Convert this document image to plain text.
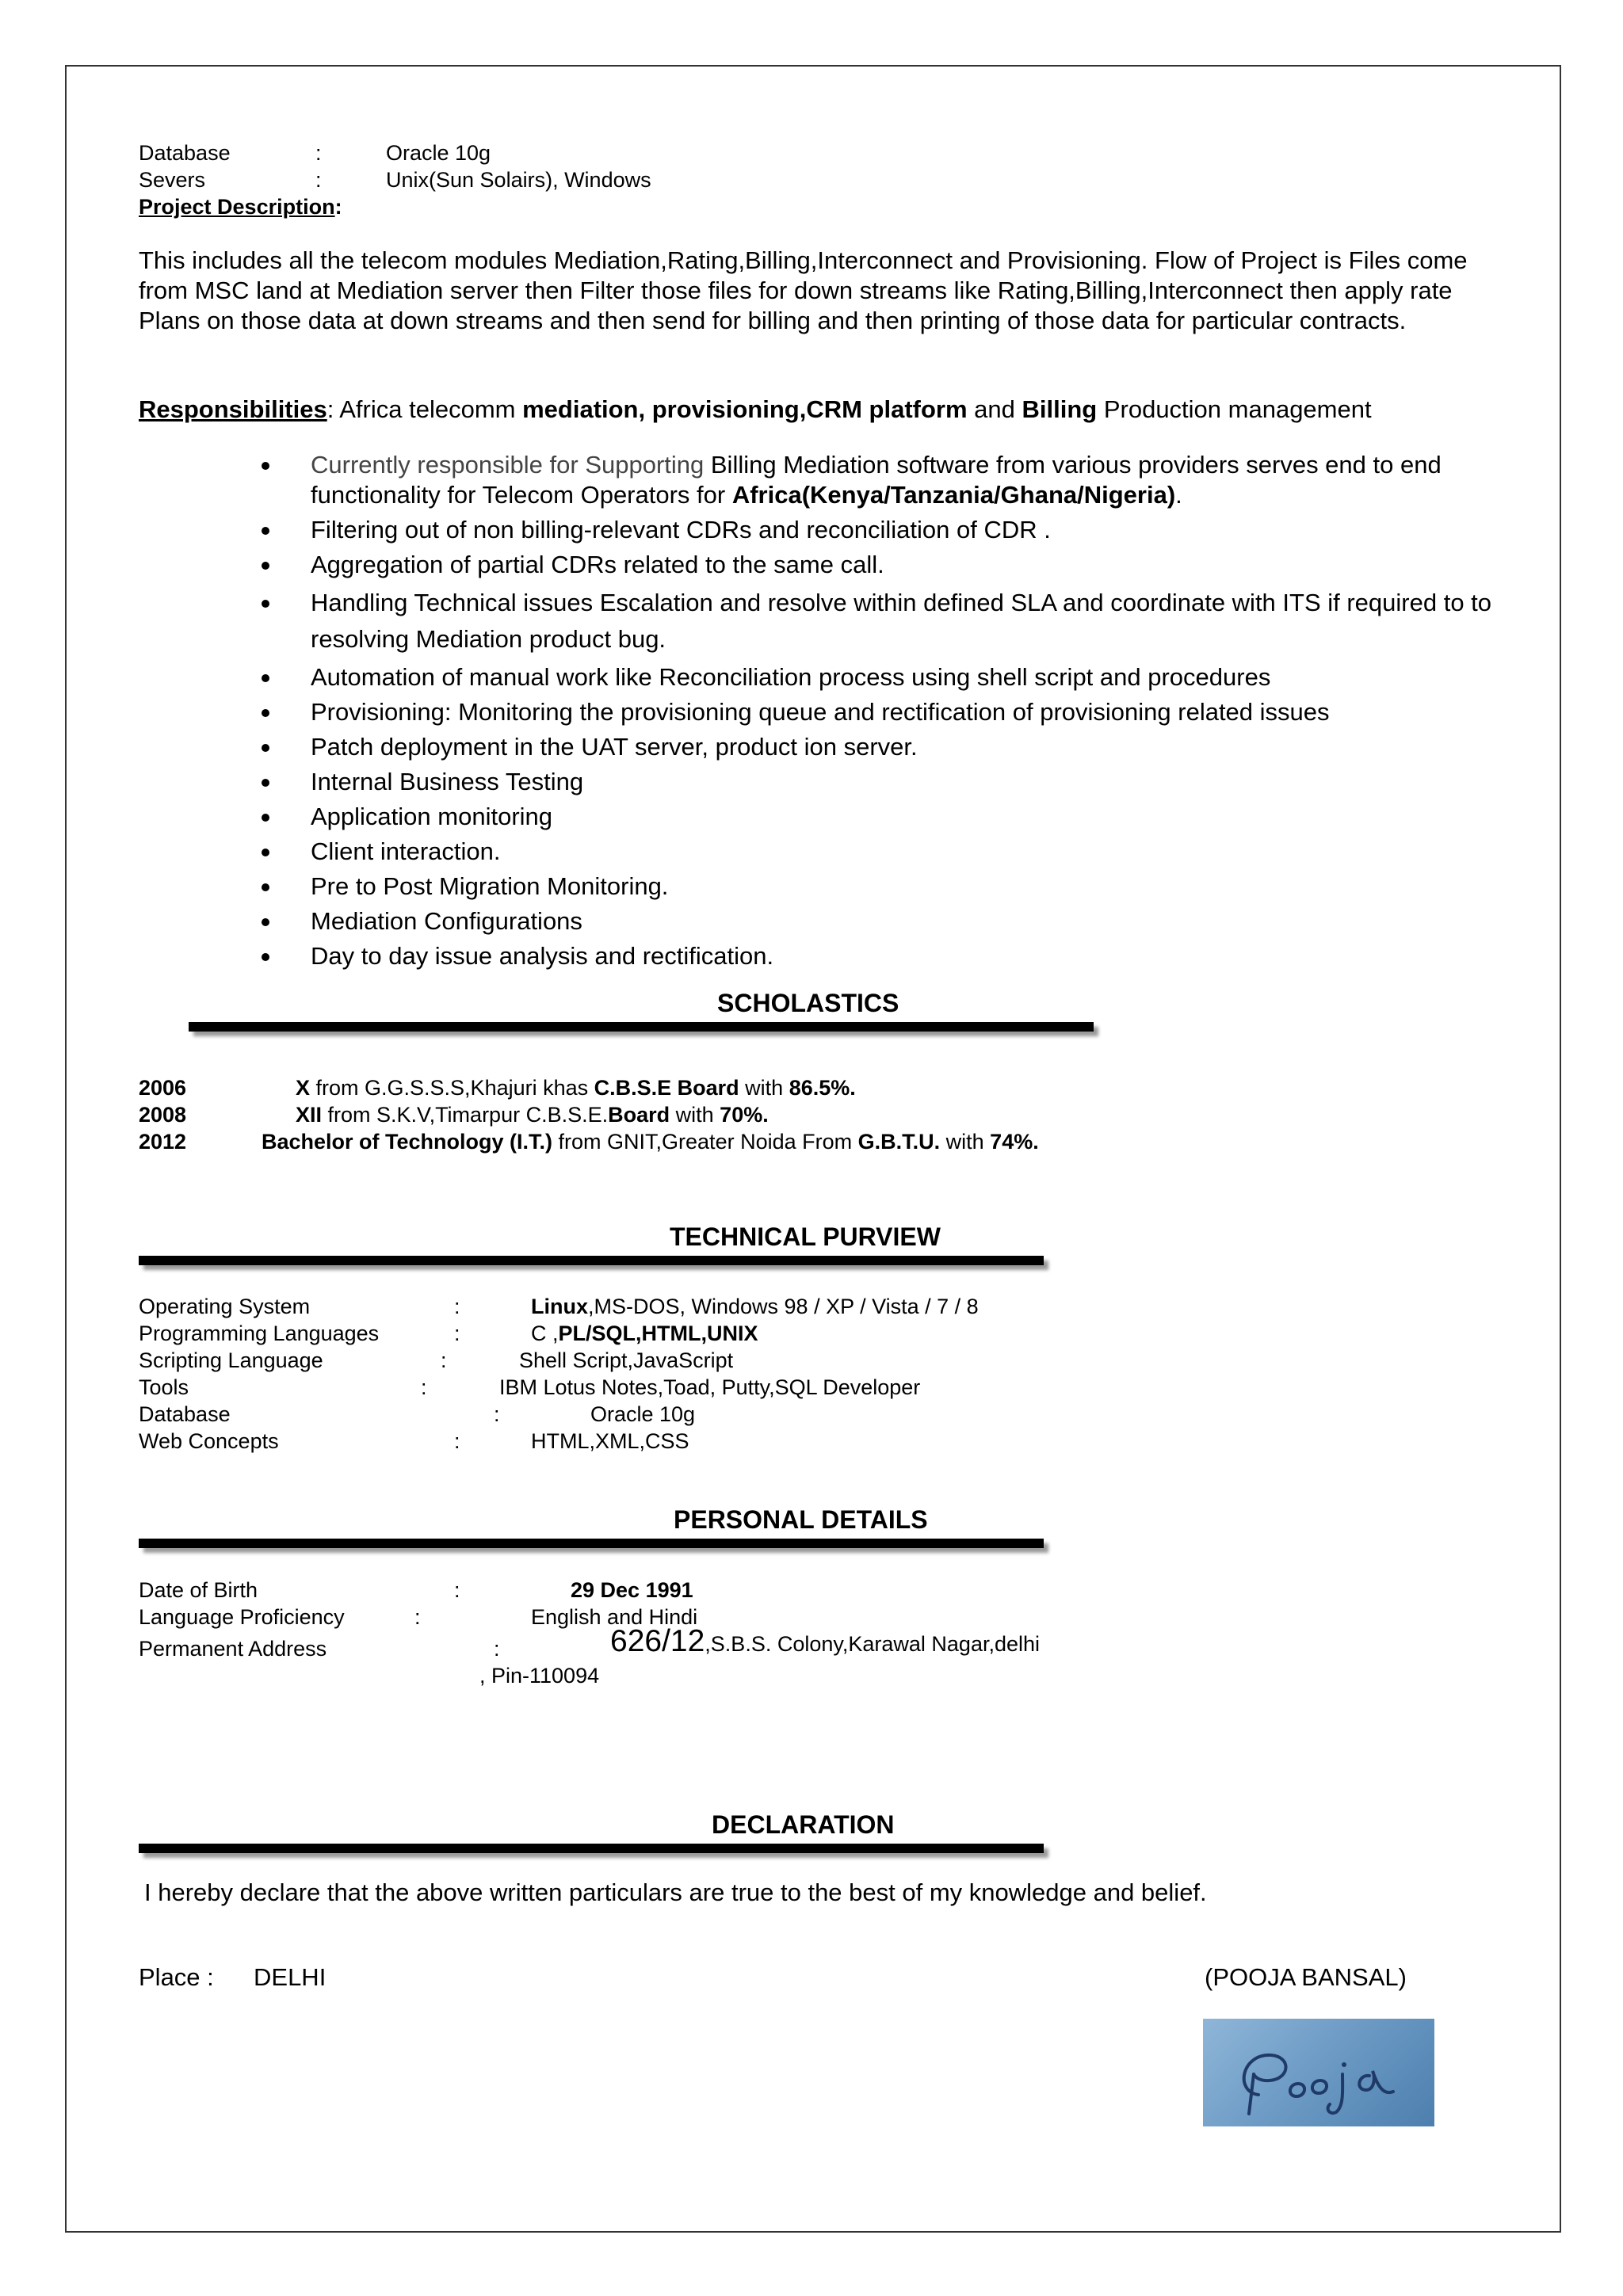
Database	:	Oracle 10g
Severs	:	Unix(Sun Solairs), Windows
Project Description:
This includes all the telecom modules Mediation,Rating,Billing,Interconnect and Provisioning. Flow of Project is Files come from MSC land at Mediation server then Filter those files for down streams like Rating,Billing,Interconnect then apply rate Plans on those data at down streams and then send for billing and then printing of those data for particular contracts.
Responsibilities: Africa telecomm mediation, provisioning,CRM platform and Billing Production management
Currently responsible for Supporting Billing Mediation software from various providers serves end to end functionality for Telecom Operators for Africa(Kenya/Tanzania/Ghana/Nigeria).
Filtering out of non billing-relevant CDRs and reconciliation of CDR .
Aggregation of partial CDRs related to the same call.
Handling Technical issues Escalation and resolve within defined SLA and coordinate with ITS if required to to resolving Mediation product bug.
Automation of manual work like Reconciliation process using shell script and procedures
Provisioning: Monitoring the provisioning queue and rectification of provisioning related issues
Patch deployment in the UAT server, product ion server.
Internal Business Testing
Application monitoring
Client interaction.
Pre to Post Migration Monitoring.
Mediation Configurations
Day to day issue analysis and rectification.
SCHOLASTICS
2006	X from G.G.S.S.S,Khajuri khas C.B.S.E Board with 86.5%.
2008	XII from S.K.V,Timarpur C.B.S.E.Board with 70%.
2012	Bachelor of Technology (I.T.) from GNIT,Greater Noida From G.B.T.U. with 74%.
TECHNICAL PURVIEW
Operating System	:	Linux,MS-DOS, Windows 98 / XP / Vista / 7 / 8
Programming Languages	:	C ,PL/SQL,HTML,UNIX
Scripting Language	:	Shell Script,JavaScript
Tools	:	IBM Lotus Notes,Toad, Putty,SQL Developer
Database	:	Oracle 10g
Web Concepts	:	HTML,XML,CSS
PERSONAL DETAILS
Date of Birth	:	29 Dec 1991
Language Proficiency	:	English and Hindi
Permanent Address	:	626/12,S.B.S. Colony,Karawal Nagar,delhi
, Pin-110094
DECLARATION
I hereby declare that the above written particulars are true to the best of my knowledge and belief.
Place : DELHI	(POOJA BANSAL)
